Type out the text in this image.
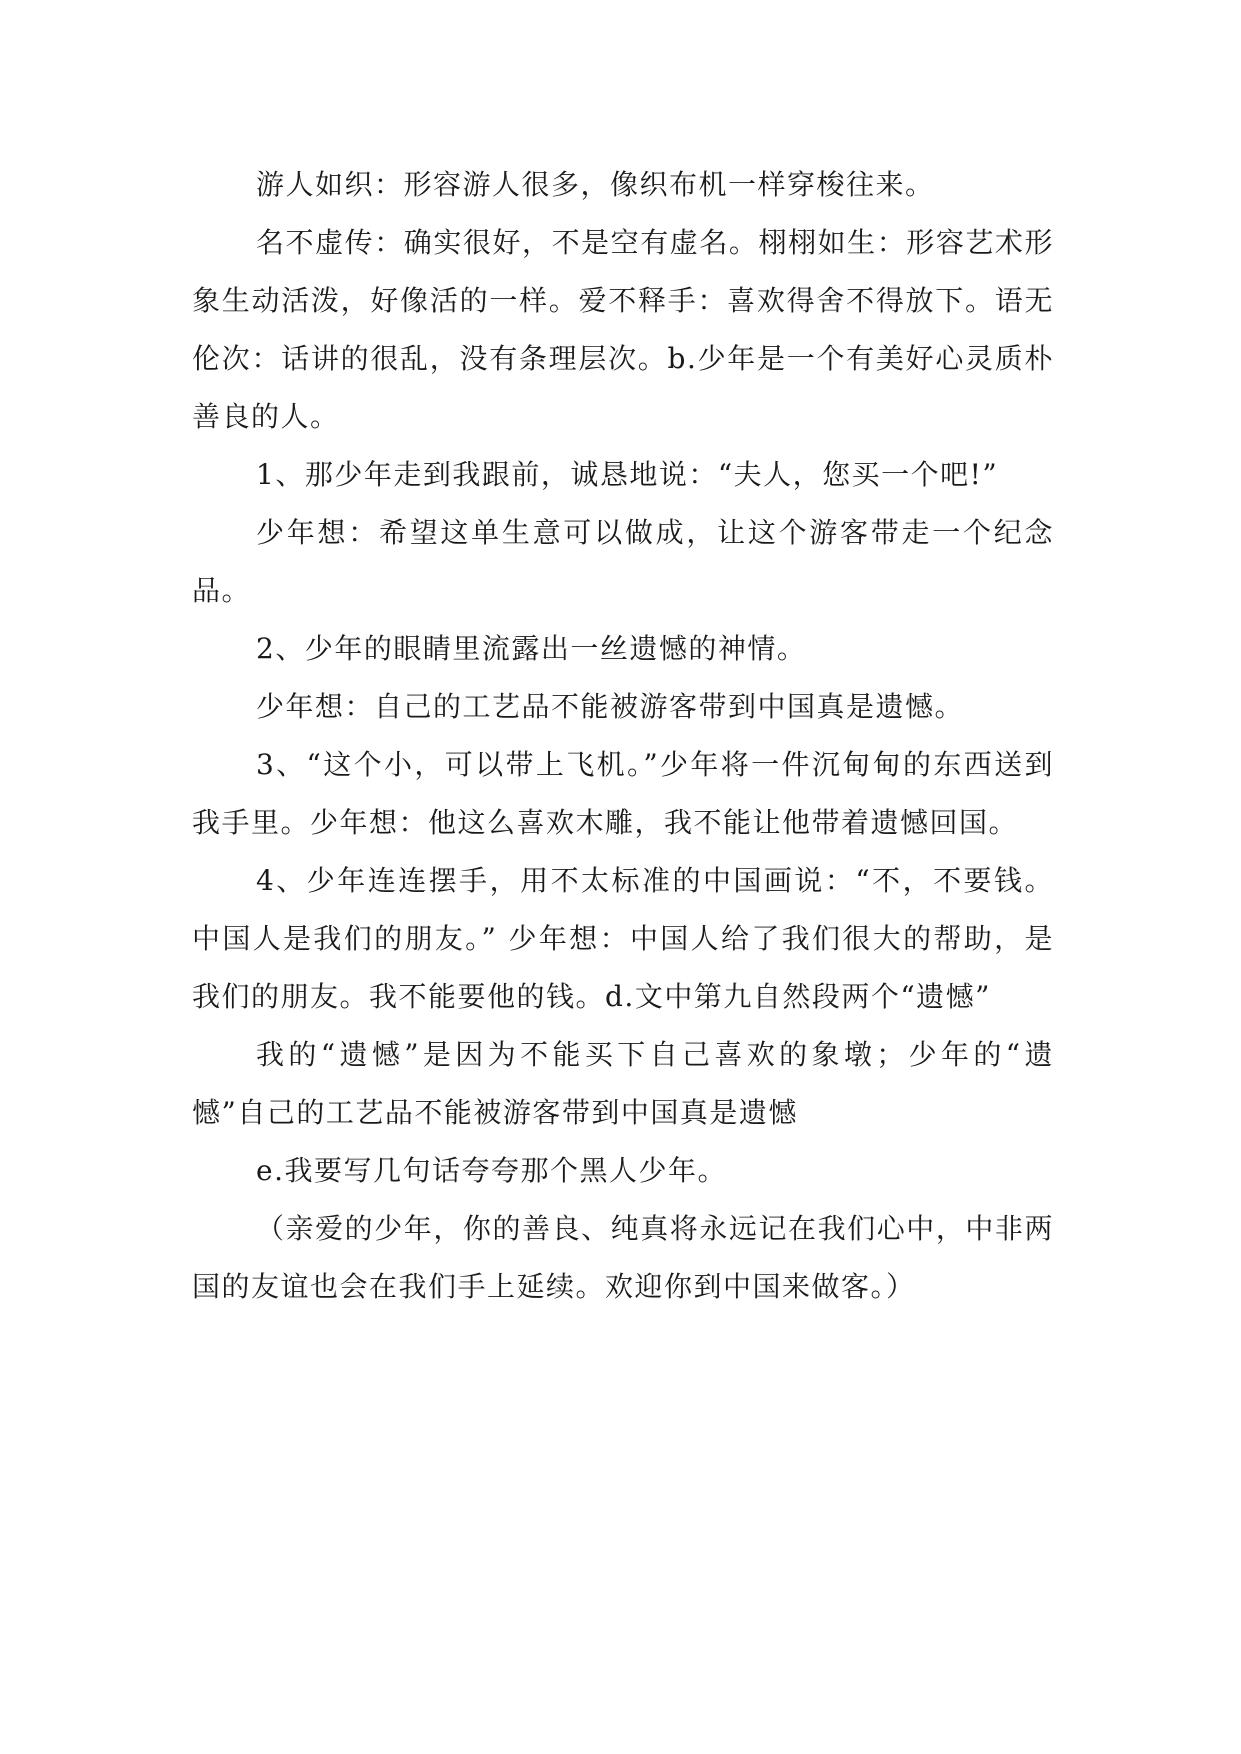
游人如织：形容游人很多，像织布机一样穿梭往来。

名不虚传：确实很好，不是空有虚名。栩栩如生：形容艺术形象生动活泼，好像活的一样。爱不释手：喜欢得舍不得放下。语无伦次：话讲的很乱，没有条理层次。b.少年是一个有美好心灵质朴善良的人。

1、那少年走到我跟前，诚恳地说：“夫人，您买一个吧!”

少年想：希望这单生意可以做成，让这个游客带走一个纪念品。

2、少年的眼睛里流露出一丝遗憾的神情。

少年想：自己的工艺品不能被游客带到中国真是遗憾。

3、“这个小，可以带上飞机。”少年将一件沉甸甸的东西送到我手里。少年想：他这么喜欢木雕，我不能让他带着遗憾回国。

4、少年连连摆手，用不太标准的中国画说：“不，不要钱。中国人是我们的朋友。” 少年想：中国人给了我们很大的帮助，是我们的朋友。我不能要他的钱。d.文中第九自然段两个“遗憾”

我的“遗憾”是因为不能买下自己喜欢的象墩；少年的“遗憾”自己的工艺品不能被游客带到中国真是遗憾

e.我要写几句话夸夸那个黑人少年。

（亲爱的少年，你的善良、纯真将永远记在我们心中，中非两国的友谊也会在我们手上延续。欢迎你到中国来做客。）
